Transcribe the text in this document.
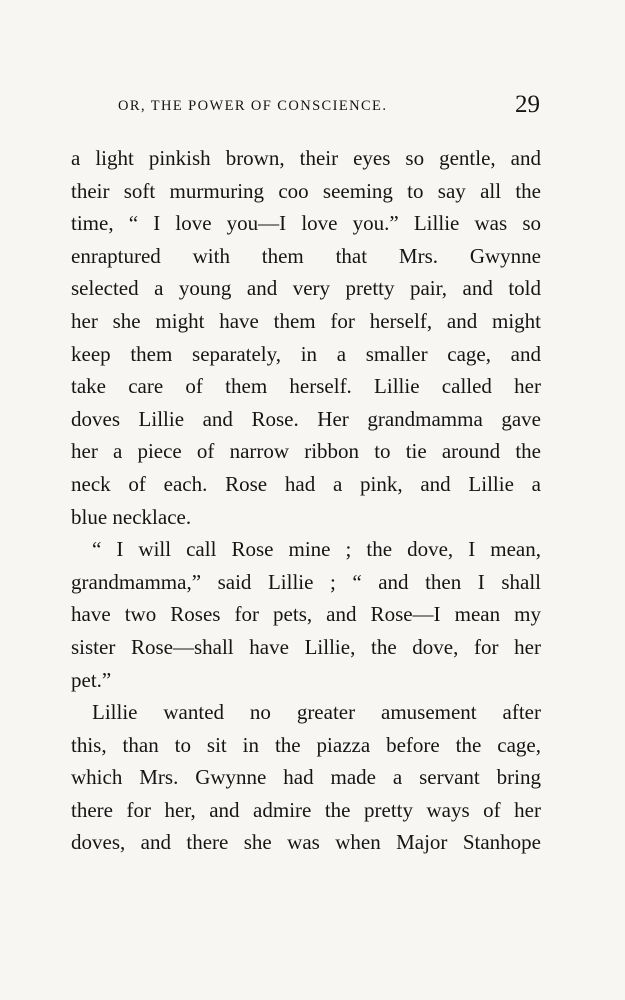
OR, THE POWER OF CONSCIENCE.	29
a light pinkish brown, their eyes so gentle, and
their soft murmuring coo seeming to say all the
time, “ I love you—I love you.” Lillie was so
enraptured with them that Mrs. Gwynne
selected a young and very pretty pair, and told
her she might have them for herself, and might
keep them separately, in a smaller cage, and
take care of them herself. Lillie called her
doves Lillie and Rose. Her grandmamma gave
her a piece of narrow ribbon to tie around the
neck of each. Rose had a pink, and Lillie a
blue necklace.
“ I will call Rose mine ; the dove, I mean,
grandmamma,” said Lillie ; “ and then I shall
have two Roses for pets, and Rose—I mean my
sister Rose—shall have Lillie, the dove, for her
pet.”
Lillie wanted no greater amusement after
this, than to sit in the piazza before the cage,
which Mrs. Gwynne had made a servant bring
there for her, and admire the pretty ways of her
doves, and there she was when Major Stanhope
